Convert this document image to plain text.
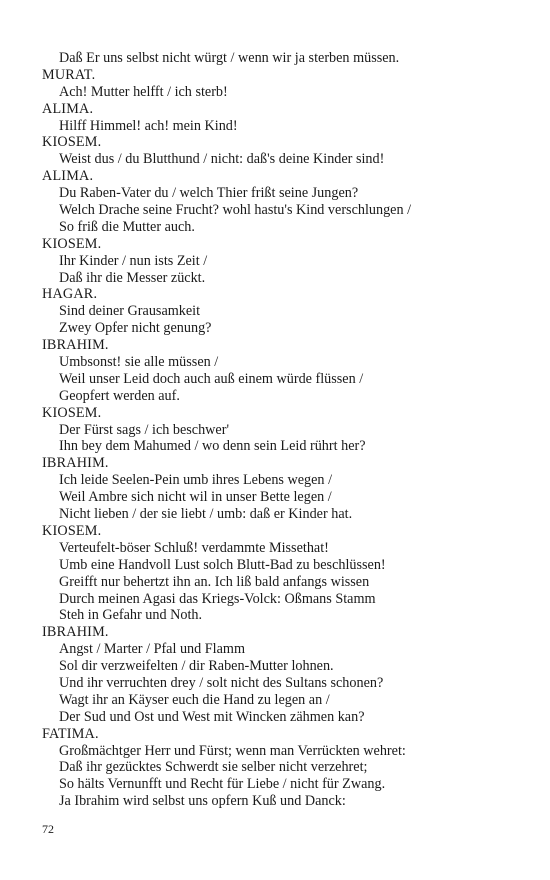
Daß Er uns selbst nicht würgt / wenn wir ja sterben müssen.
MURAT.
Ach! Mutter helfft / ich sterb!
ALIMA.
Hilff Himmel! ach! mein Kind!
KIOSEM.
Weist dus / du Blutthund / nicht: daß's deine Kinder sind!
ALIMA.
Du Raben-Vater du / welch Thier frißt seine Jungen?
Welch Drache seine Frucht? wohl hastu's Kind verschlungen /
So friß die Mutter auch.
KIOSEM.
Ihr Kinder / nun ists Zeit /
Daß ihr die Messer zückt.
HAGAR.
Sind deiner Grausamkeit
Zwey Opfer nicht genung?
IBRAHIM.
Umbsonst! sie alle müssen /
Weil unser Leid doch auch auß einem würde flüssen /
Geopfert werden auf.
KIOSEM.
Der Fürst sags / ich beschwer'
Ihn bey dem Mahumed / wo denn sein Leid rührt her?
IBRAHIM.
Ich leide Seelen-Pein umb ihres Lebens wegen /
Weil Ambre sich nicht wil in unser Bette legen /
Nicht lieben / der sie liebt / umb: daß er Kinder hat.
KIOSEM.
Verteufelt-böser Schluß! verdammte Missethat!
Umb eine Handvoll Lust solch Blutt-Bad zu beschlüssen!
Greifft nur behertzt ihn an. Ich liß bald anfangs wissen
Durch meinen Agasi das Kriegs-Volck: Oßmans Stamm
Steh in Gefahr und Noth.
IBRAHIM.
Angst / Marter / Pfal und Flamm
Sol dir verzweifelten / dir Raben-Mutter lohnen.
Und ihr verruchten drey / solt nicht des Sultans schonen?
Wagt ihr an Käyser euch die Hand zu legen an /
Der Sud und Ost und West mit Wincken zähmen kan?
FATIMA.
Großmächtger Herr und Fürst; wenn man Verrückten wehret:
Daß ihr gezücktes Schwerdt sie selber nicht verzehret;
So hälts Vernunfft und Recht für Liebe / nicht für Zwang.
Ja Ibrahim wird selbst uns opfern Kuß und Danck:
72
